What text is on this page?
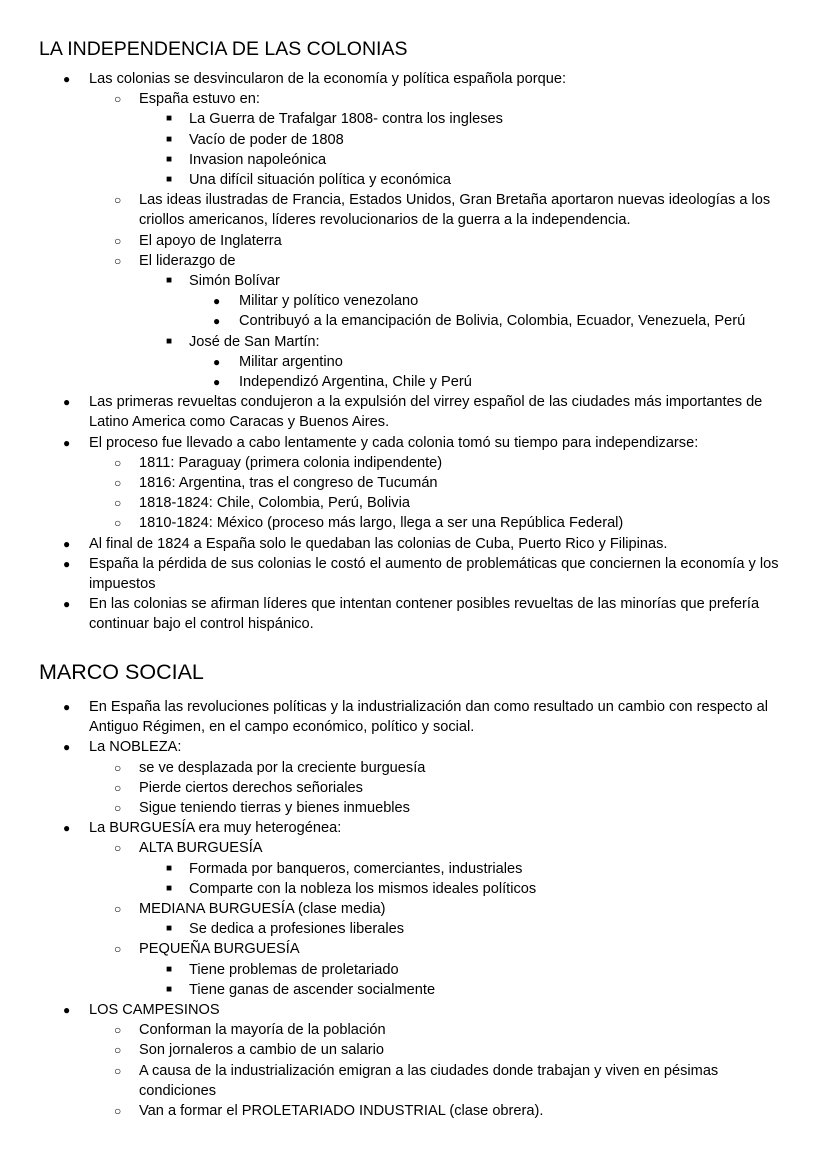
LA INDEPENDENCIA DE LAS COLONIAS
● Las colonias se desvincularon de la economía y política española porque:
○ España estuvo en:
■ La Guerra de Trafalgar 1808- contra los ingleses
■ Vacío de poder de 1808
■ Invasion napoleónica
■ Una difícil situación política y económica
○ Las ideas ilustradas de Francia, Estados Unidos, Gran Bretaña aportaron nuevas ideologías a los criollos americanos, líderes revolucionarios de la guerra a la independencia.
○ El apoyo de Inglaterra
○ El liderazgo de
■ Simón Bolívar
● Militar y político venezolano
● Contribuyó a la emancipación de Bolivia, Colombia, Ecuador, Venezuela, Perú
■ José de San Martín:
● Militar argentino
● Independizó Argentina, Chile y Perú
● Las primeras revueltas condujeron a la expulsión del virrey español de las ciudades más importantes de Latino America como Caracas y Buenos Aires.
● El proceso fue llevado a cabo lentamente y cada colonia tomó su tiempo para independizarse:
○ 1811: Paraguay (primera colonia indipendente)
○ 1816: Argentina, tras el congreso de Tucumán
○ 1818-1824: Chile, Colombia, Perú, Bolivia
○ 1810-1824: México (proceso más largo, llega a ser una República Federal)
● Al final de 1824 a España solo le quedaban las colonias de Cuba, Puerto Rico y Filipinas.
● España la pérdida de sus colonias le costó el aumento de problemáticas que conciernen la economía y los impuestos
● En las colonias se afirman líderes que intentan contener posibles revueltas de las minorías que prefería continuar bajo el control hispánico.
MARCO SOCIAL
● En España las revoluciones políticas y la industrialización dan como resultado un cambio con respecto al Antiguo Régimen, en el campo económico, político y social.
● La NOBLEZA:
○ se ve desplazada por la creciente burguesía
○ Pierde ciertos derechos señoriales
○ Sigue teniendo tierras y bienes inmuebles
● La BURGUESÍA era muy heterogénea:
○ ALTA BURGUESÍA
■ Formada por banqueros, comerciantes, industriales
■ Comparte con la nobleza los mismos ideales políticos
○ MEDIANA BURGUESÍA (clase media)
■ Se dedica a profesiones liberales
○ PEQUEÑA BURGUESÍA
■ Tiene problemas de proletariado
■ Tiene ganas de ascender socialmente
● LOS CAMPESINOS
○ Conforman la mayoría de la población
○ Son jornaleros a cambio de un salario
○ A causa de la industrialización emigran a las ciudades donde trabajan y viven en pésimas condiciones
○ Van a formar el PROLETARIADO INDUSTRIAL (clase obrera).
